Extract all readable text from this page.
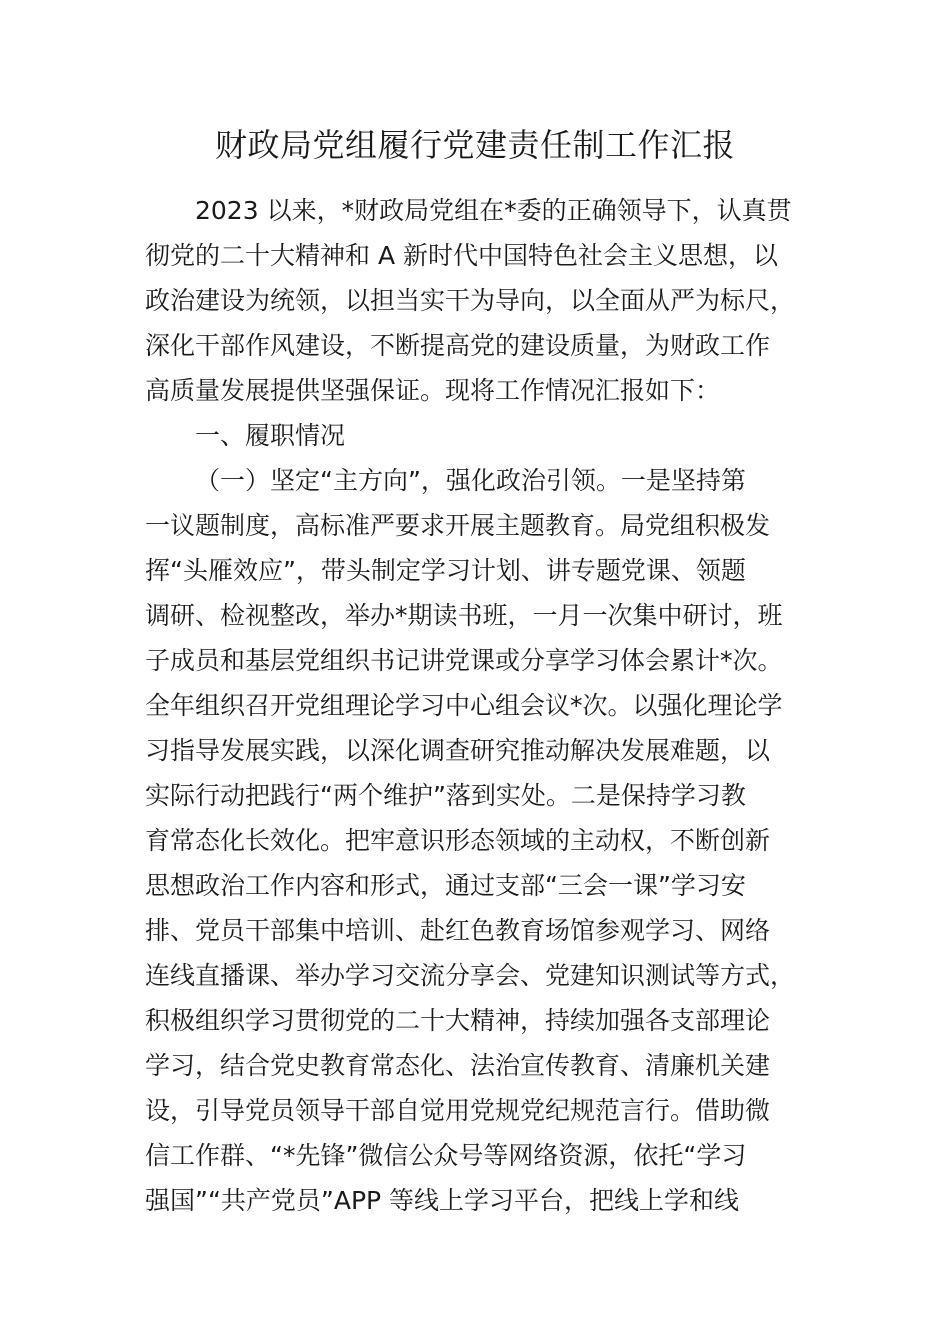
财政局党组履行党建责任制工作汇报
2023 以来，*财政局党组在*委的正确领导下，认真贯
彻党的二十大精神和 A 新时代中国特色社会主义思想，以
政治建设为统领，以担当实干为导向，以全面从严为标尺，
深化干部作风建设，不断提高党的建设质量，为财政工作
高质量发展提供坚强保证。现将工作情况汇报如下：
一、履职情况
（一）坚定“主方向”，强化政治引领。一是坚持第
一议题制度，高标准严要求开展主题教育。局党组积极发
挥“头雁效应”，带头制定学习计划、讲专题党课、领题
调研、检视整改，举办*期读书班，一月一次集中研讨，班
子成员和基层党组织书记讲党课或分享学习体会累计*次。
全年组织召开党组理论学习中心组会议*次。以强化理论学
习指导发展实践，以深化调查研究推动解决发展难题，以
实际行动把践行“两个维护”落到实处。二是保持学习教
育常态化长效化。把牢意识形态领域的主动权，不断创新
思想政治工作内容和形式，通过支部“三会一课”学习安
排、党员干部集中培训、赴红色教育场馆参观学习、网络
连线直播课、举办学习交流分享会、党建知识测试等方式，
积极组织学习贯彻党的二十大精神，持续加强各支部理论
学习，结合党史教育常态化、法治宣传教育、清廉机关建
设，引导党员领导干部自觉用党规党纪规范言行。借助微
信工作群、“*先锋”微信公众号等网络资源，依托“学习
强国”“共产党员”APP 等线上学习平台，把线上学和线
